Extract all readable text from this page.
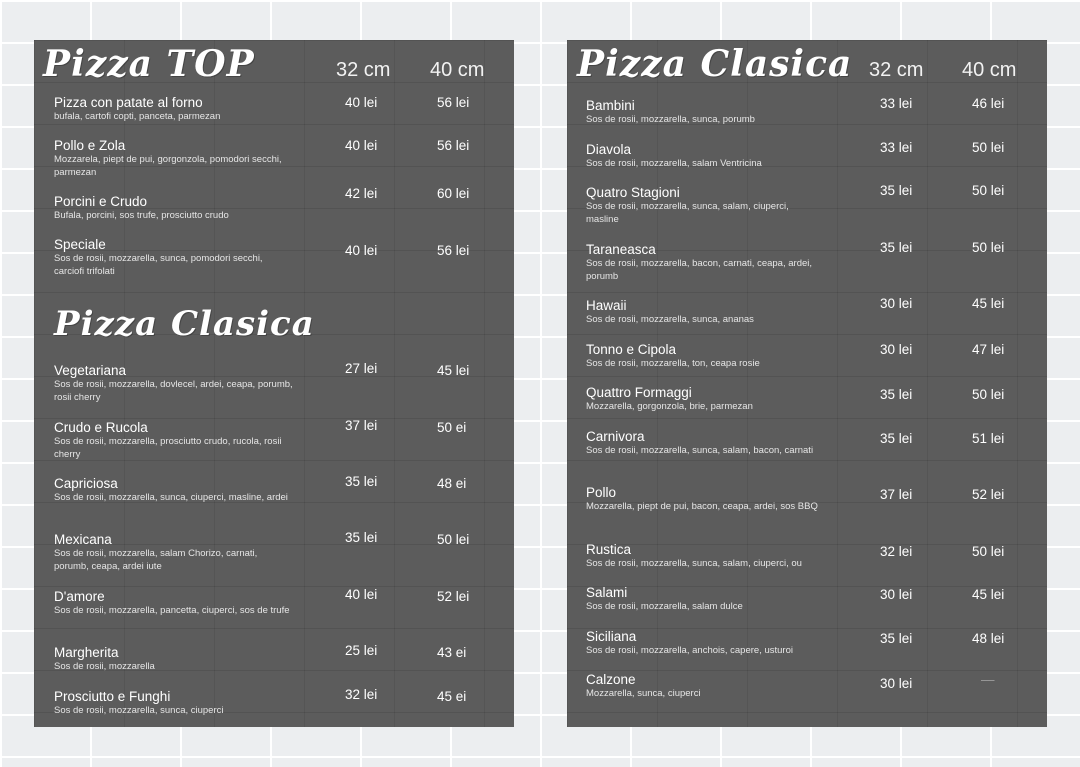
Pizza TOP	32 cm 40 cm
Pizza con patate al forno
bufala, cartofi copti, panceta, parmezan
40 lei	56 lei
Pollo e Zola
Mozzarela, piept de pui, gorgonzola, pomodori secchi, parmezan
40 lei	56 lei
Porcini e Crudo
Bufala, porcini, sos trufe, prosciutto crudo
42 lei	60 lei
Speciale
Sos de rosii, mozzarella, sunca, pomodori secchi, carciofi trifolati
40 lei	56 lei
Pizza Clasica
Vegetariana
Sos de rosii, mozzarella, dovlecel, ardei, ceapa, porumb, rosii cherry
27 lei	45 lei
Crudo e Rucola
Sos de rosii, mozzarella, prosciutto crudo, rucola, rosii cherry
37 lei	50 ei
Capriciosa
Sos de rosii, mozzarella, sunca, ciuperci, masline, ardei
35 lei	48 ei
Mexicana
Sos de rosii, mozzarella, salam Chorizo, carnati, porumb, ceapa, ardei iute
35 lei	50 lei
D'amore
Sos de rosii, mozzarella, pancetta, ciuperci, sos de trufe
40 lei	52 lei
Margherita
Sos de rosii, mozzarella
25 lei	43 ei
Prosciutto e Funghi
Sos de rosii, mozzarella, sunca, ciuperci
32 lei	45 ei
Pizza Clasica 32 cm 40 cm
Bambini
Sos de rosii, mozzarella, sunca, porumb
33 lei	46 lei
Diavola
Sos de rosii, mozzarella, salam Ventricina
33 lei	50 lei
Quatro Stagioni
Sos de rosii, mozzarella, sunca, salam, ciuperci, masline
35 lei	50 lei
Taraneasca
Sos de rosii, mozzarella, bacon, carnati, ceapa, ardei, porumb
35 lei	50 lei
Hawaii
Sos de rosii, mozzarella, sunca, ananas
30 lei	45 lei
Tonno e Cipola
Sos de rosii, mozzarella, ton, ceapa rosie
30 lei	47 lei
Quattro Formaggi
Mozzarella, gorgonzola, brie, parmezan
35 lei	50 lei
Carnivora
Sos de rosii, mozzarella, sunca, salam, bacon, carnati
35 lei	51 lei
Pollo
Mozzarella, piept de pui, bacon, ceapa, ardei, sos BBQ
37 lei	52 lei
Rustica
Sos de rosii, mozzarella, sunca, salam, ciuperci, ou
32 lei	50 lei
Salami
Sos de rosii, mozzarella, salam dulce
30 lei	45 lei
Siciliana
Sos de rosii, mozzarella, anchois, capere, usturoi
35 lei	48 lei
Calzone
Mozzarella, sunca, ciuperci
30 lei	—
